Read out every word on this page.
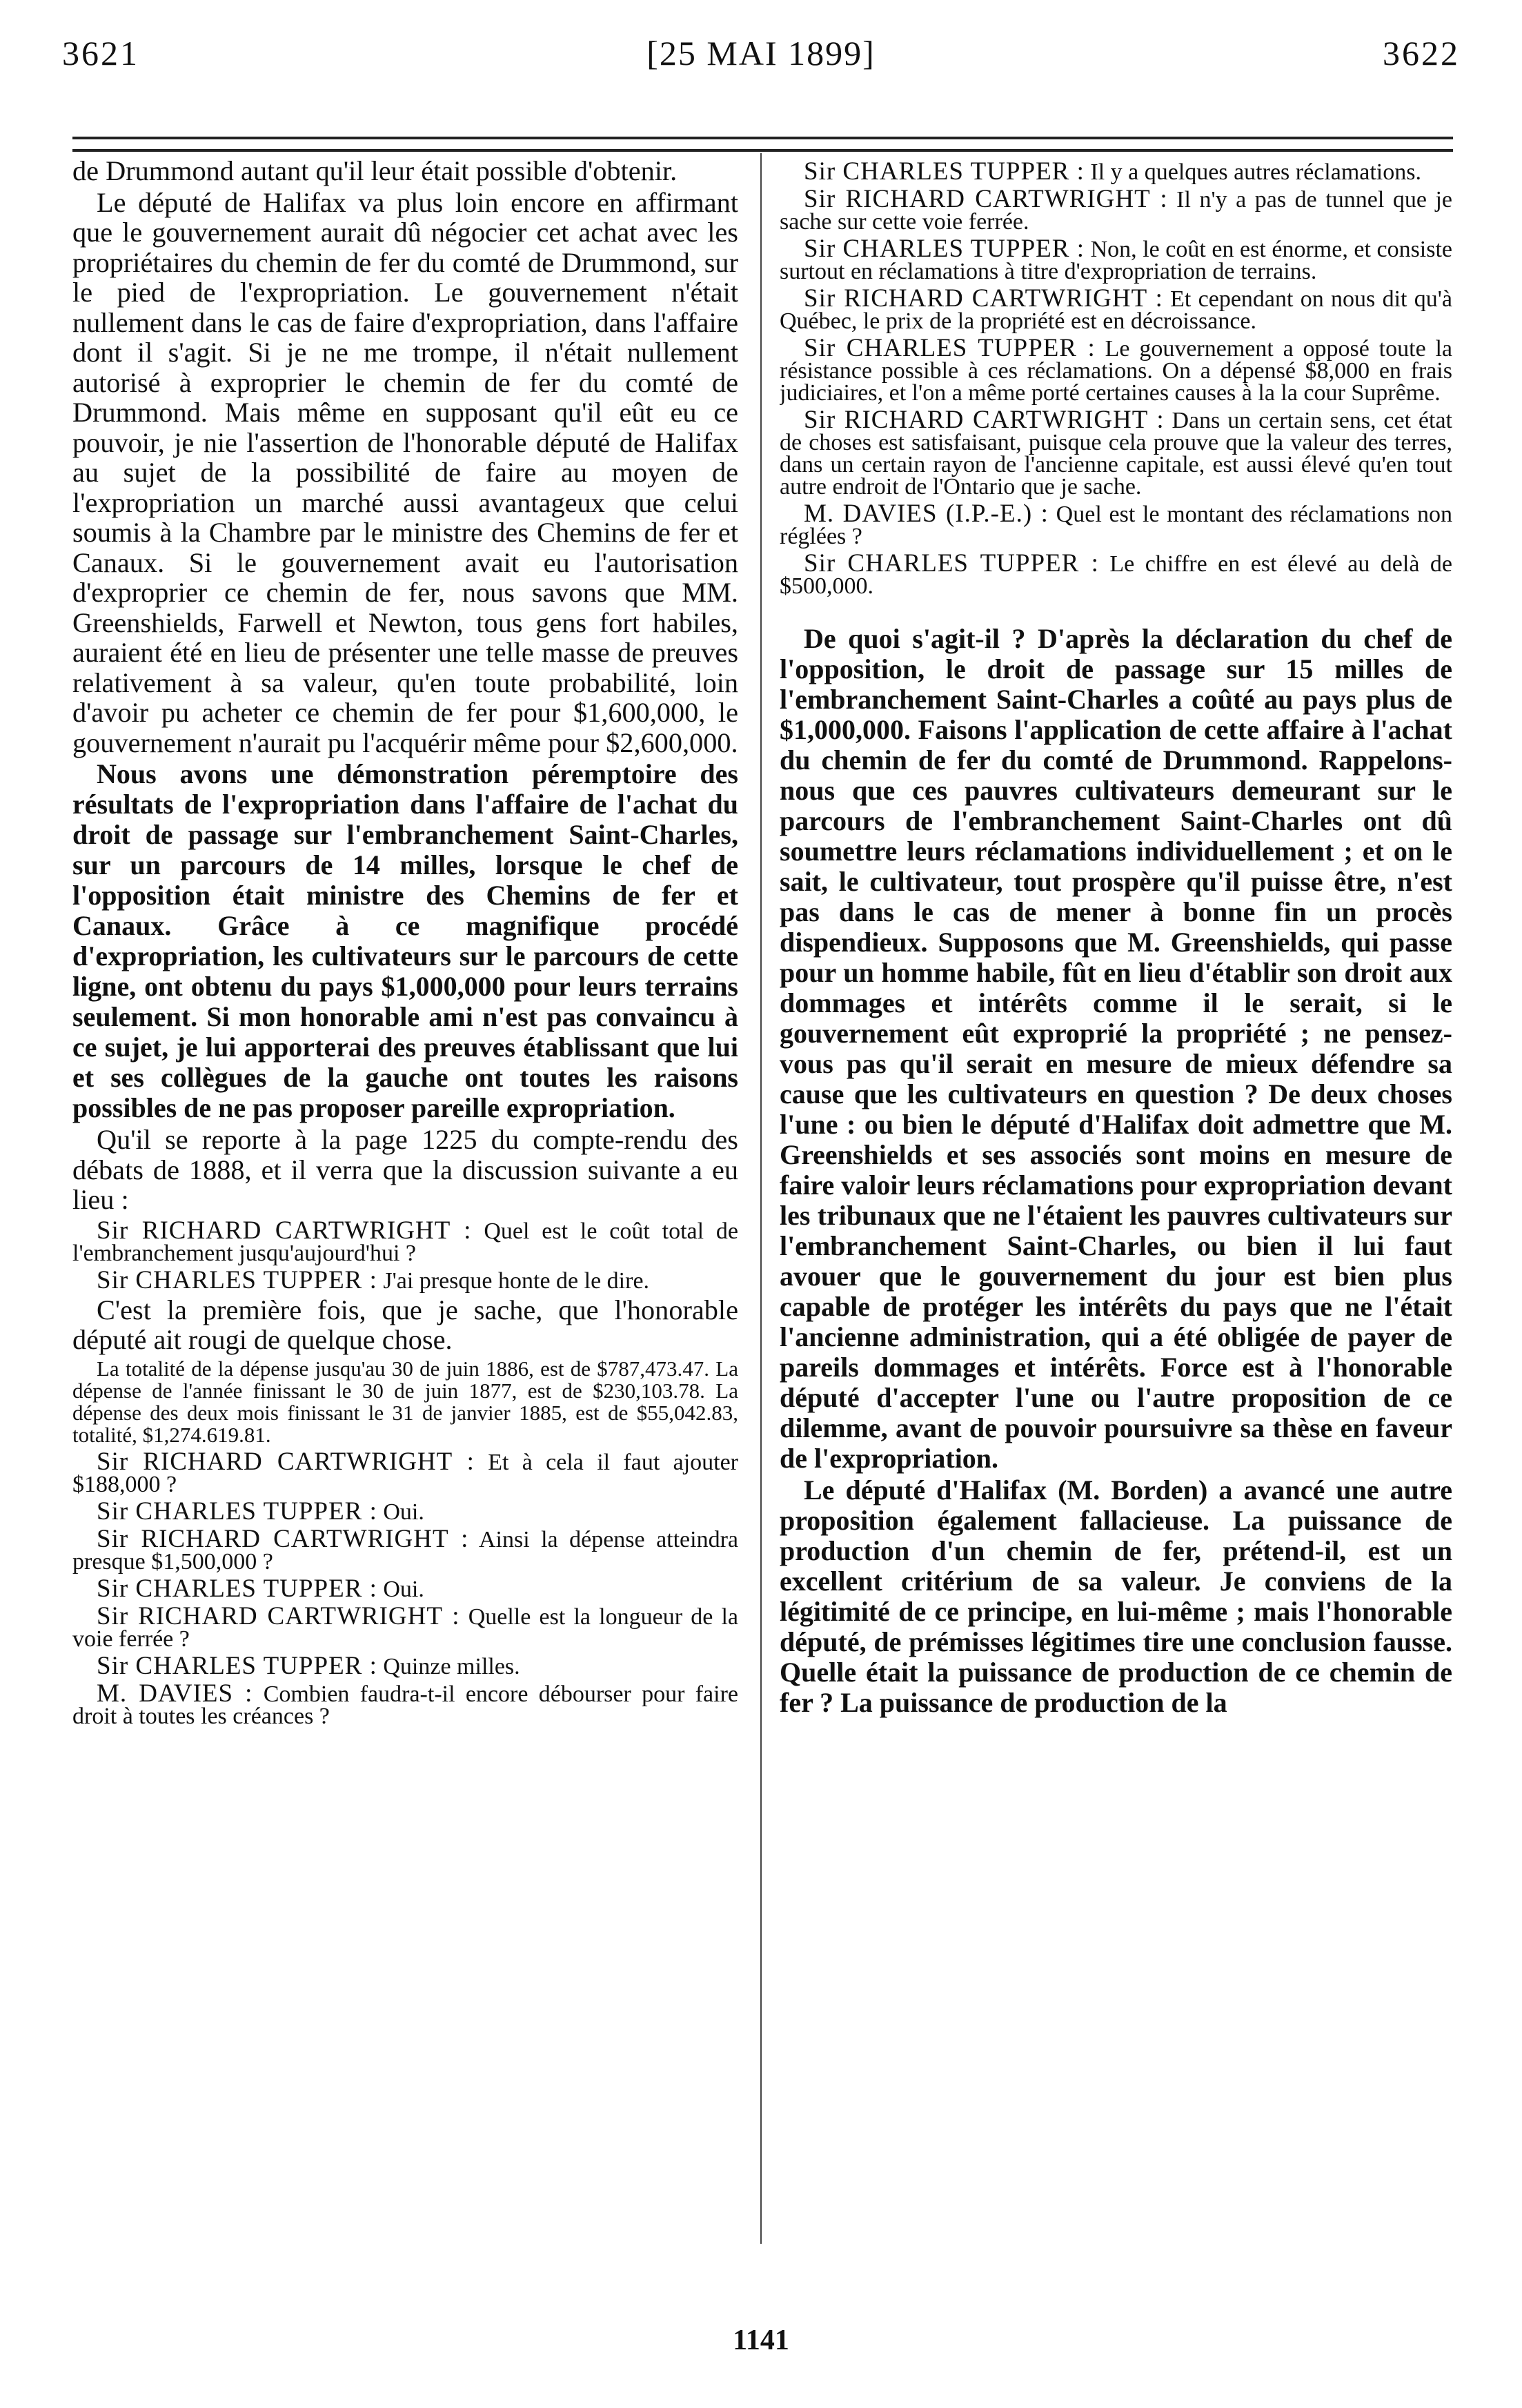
3621	[25 MAI 1899]	3622

de Drummond autant qu'il leur était possible d'obtenir.

Le député de Halifax va plus loin encore en affirmant que le gouvernement aurait dû négocier cet achat avec les propriétaires du chemin de fer du comté de Drummond, sur le pied de l'expropriation. Le gouvernement n'était nullement dans le cas de faire d'expropriation, dans l'affaire dont il s'agit. Si je ne me trompe, il n'était nullement autorisé à exproprier le chemin de fer du comté de Drummond. Mais même en supposant qu'il eût eu ce pouvoir, je nie l'assertion de l'honorable député de Halifax au sujet de la possibilité de faire au moyen de l'expropriation un marché aussi avantageux que celui soumis à la Chambre par le ministre des Chemins de fer et Canaux. Si le gouvernement avait eu l'autorisation d'exproprier ce chemin de fer, nous savons que MM. Greenshields, Farwell et Newton, tous gens fort habiles, auraient été en lieu de présenter une telle masse de preuves relativement à sa valeur, qu'en toute probabilité, loin d'avoir pu acheter ce chemin de fer pour $1,600,000, le gouvernement n'aurait pu l'acquérir même pour $2,600,000.

Nous avons une démonstration péremptoire des résultats de l'expropriation dans l'affaire de l'achat du droit de passage sur l'embranchement Saint-Charles, sur un parcours de 14 milles, lorsque le chef de l'opposition était ministre des Chemins de fer et Canaux. Grâce à ce magnifique procédé d'expropriation, les cultivateurs sur le parcours de cette ligne, ont obtenu du pays $1,000,000 pour leurs terrains seulement. Si mon honorable ami n'est pas convaincu à ce sujet, je lui apporterai des preuves établissant que lui et ses collègues de la gauche ont toutes les raisons possibles de ne pas proposer pareille expropriation.

Qu'il se reporte à la page 1225 du compte-rendu des débats de 1888, et il verra que la discussion suivante a eu lieu :

Sir RICHARD CARTWRIGHT : Quel est le coût total de l'embranchement jusqu'aujourd'hui ?

Sir CHARLES TUPPER : J'ai presque honte de le dire.

C'est la première fois, que je sache, que l'honorable député ait rougi de quelque chose.

La totalité de la dépense jusqu'au 30 de juin 1886, est de $787,473.47. La dépense de l'année finissant le 30 de juin 1877, est de $230,103.78. La dépense des deux mois finissant le 31 de janvier 1885, est de $55,042.83, totalité, $1,274.619.81.

Sir RICHARD CARTWRIGHT : Et à cela il faut ajouter $188,000 ?

Sir CHARLES TUPPER : Oui.

Sir RICHARD CARTWRIGHT : Ainsi la dépense atteindra presque $1,500,000 ?

Sir CHARLES TUPPER : Oui.

Sir RICHARD CARTWRIGHT : Quelle est la longueur de la voie ferrée ?

Sir CHARLES TUPPER : Quinze milles.

M. DAVIES : Combien faudra-t-il encore débourser pour faire droit à toutes les créances ?

Sir CHARLES TUPPER : Il y a quelques autres réclamations.

Sir RICHARD CARTWRIGHT : Il n'y a pas de tunnel que je sache sur cette voie ferrée.

Sir CHARLES TUPPER : Non, le coût en est énorme, et consiste surtout en réclamations à titre d'expropriation de terrains.

Sir RICHARD CARTWRIGHT : Et cependant on nous dit qu'à Québec, le prix de la propriété est en décroissance.

Sir CHARLES TUPPER : Le gouvernement a opposé toute la résistance possible à ces réclamations. On a dépensé $8,000 en frais judiciaires, et l'on a même porté certaines causes à la la cour Suprême.

Sir RICHARD CARTWRIGHT : Dans un certain sens, cet état de choses est satisfaisant, puisque cela prouve que la valeur des terres, dans un certain rayon de l'ancienne capitale, est aussi élevé qu'en tout autre endroit de l'Ontario que je sache.

M. DAVIES (I.P.-E.) : Quel est le montant des réclamations non réglées ?

Sir CHARLES TUPPER : Le chiffre en est élevé au delà de $500,000.

De quoi s'agit-il ? D'après la déclaration du chef de l'opposition, le droit de passage sur 15 milles de l'embranchement Saint-Charles a coûté au pays plus de $1,000,000. Faisons l'application de cette affaire à l'achat du chemin de fer du comté de Drummond. Rappelons-nous que ces pauvres cultivateurs demeurant sur le parcours de l'embranchement Saint-Charles ont dû soumettre leurs réclamations individuellement ; et on le sait, le cultivateur, tout prospère qu'il puisse être, n'est pas dans le cas de mener à bonne fin un procès dispendieux. Supposons que M. Greenshields, qui passe pour un homme habile, fût en lieu d'établir son droit aux dommages et intérêts comme il le serait, si le gouvernement eût exproprié la propriété ; ne pensez-vous pas qu'il serait en mesure de mieux défendre sa cause que les cultivateurs en question ? De deux choses l'une : ou bien le député d'Halifax doit admettre que M. Greenshields et ses associés sont moins en mesure de faire valoir leurs réclamations pour expropriation devant les tribunaux que ne l'étaient les pauvres cultivateurs sur l'embranchement Saint-Charles, ou bien il lui faut avouer que le gouvernement du jour est bien plus capable de protéger les intérêts du pays que ne l'était l'ancienne administration, qui a été obligée de payer de pareils dommages et intérêts. Force est à l'honorable député d'accepter l'une ou l'autre proposition de ce dilemme, avant de pouvoir poursuivre sa thèse en faveur de l'expropriation.

Le député d'Halifax (M. Borden) a avancé une autre proposition également fallacieuse. La puissance de production d'un chemin de fer, prétend-il, est un excellent critérium de sa valeur. Je conviens de la légitimité de ce principe, en lui-même ; mais l'honorable député, de prémisses légitimes tire une conclusion fausse. Quelle était la puissance de production de ce chemin de fer ? La puissance de production de la

1141
